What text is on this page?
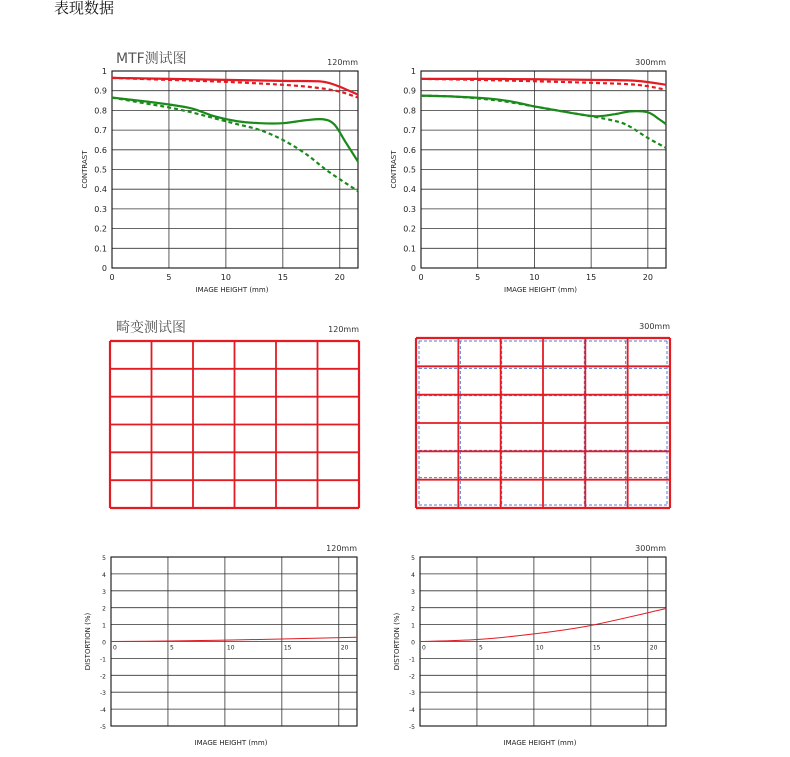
表现数据
MTF测试图
畸变测试图
0
0.1
0.2
0.3
0.4
0.5
0.6
0.7
0.8
0.9
1
0	5	10	15	20
IMAGE HEIGHT (mm)
CONTRAST
120mm
0
0.1
0.2
0.3
0.4
0.5
0.6
0.7
0.8
0.9
1
0	5	10	15	20
IMAGE HEIGHT (mm)
CONTRAST
300mm
120mm	300mm
-5
-4
-3
-2
-1
0
1
2
3
4
5
0	5	10	15	20
IMAGE HEIGHT (mm)
DISTORTION (%)
120mm
-5
-4
-3
-2
-1
0
1
2
3
4
5
0	5	10	15	20
IMAGE HEIGHT (mm)
DISTORTION (%)
300mm
